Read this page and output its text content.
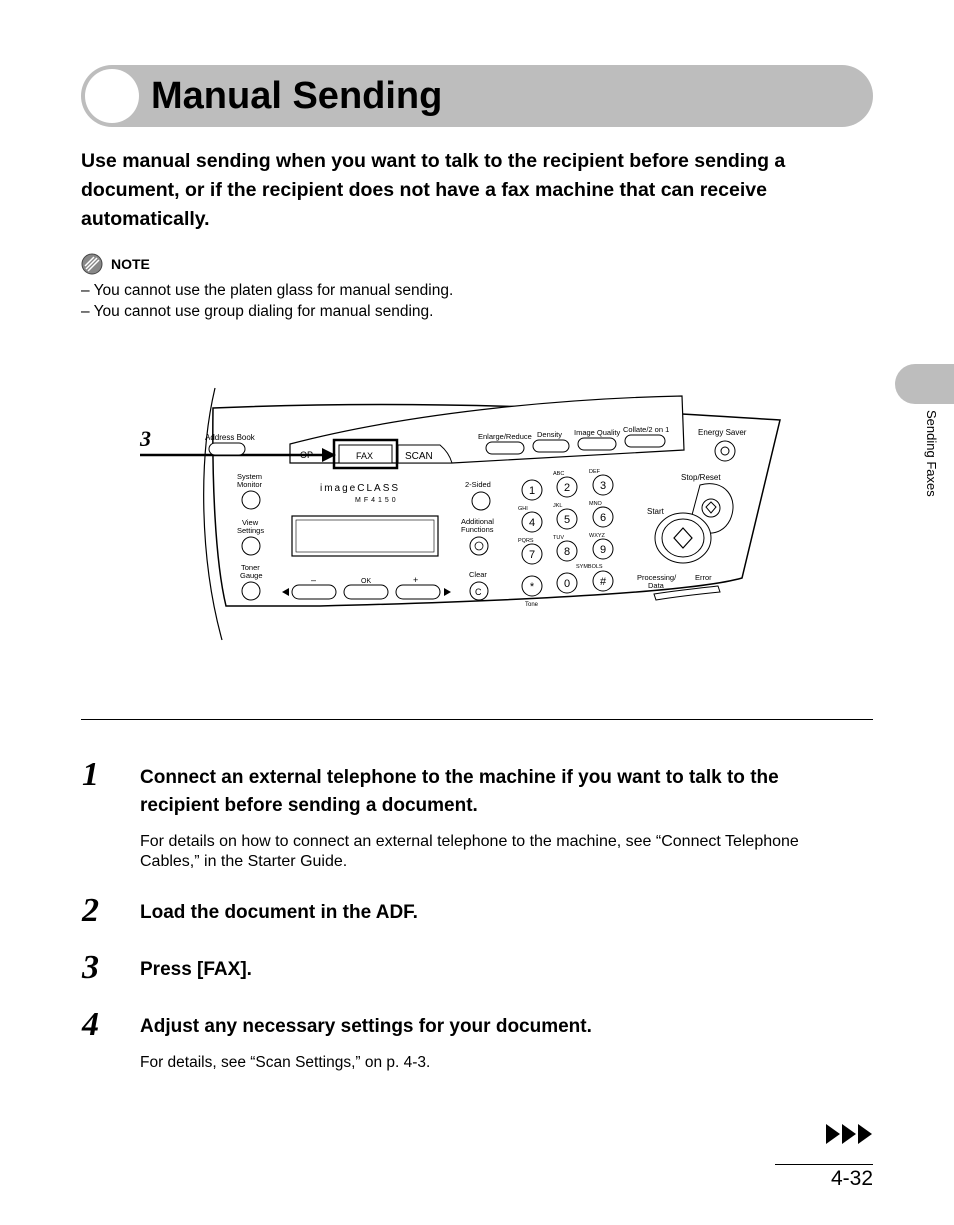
Manual Sending
Use manual sending when you want to talk to the recipient before sending a document, or if the recipient does not have a fax machine that can receive automatically.
NOTE
– You cannot use the platen glass for manual sending.
– You cannot use group dialing for manual sending.
Sending Faxes
3	Address Book
OP	FAX	SCAN
Enlarge/Reduce Density Image Quality Collate/2 on 1	Energy Saver
System Monitor
View Settings
Toner Gauge
imageCLASS
MF4150
–	OK	+
2-Sided
Additional Functions
Clear
C
1	2
ABC
3
DEF
4
GHI
5
JKL
6
MNO
7
PQRS
8
TUV
9
WXYZ
*	0	#
SYMBOLS
Tone
Stop/Reset
Start
Processing/ Data
Error
1 Connect an external telephone to the machine if you want to talk to the recipient before sending a document.
For details on how to connect an external telephone to the machine, see “Connect Telephone Cables,” in the Starter Guide.
2 Load the document in the ADF.
3 Press [FAX].
4 Adjust any necessary settings for your document.
For details, see “Scan Settings,” on p. 4-3.
4-32
